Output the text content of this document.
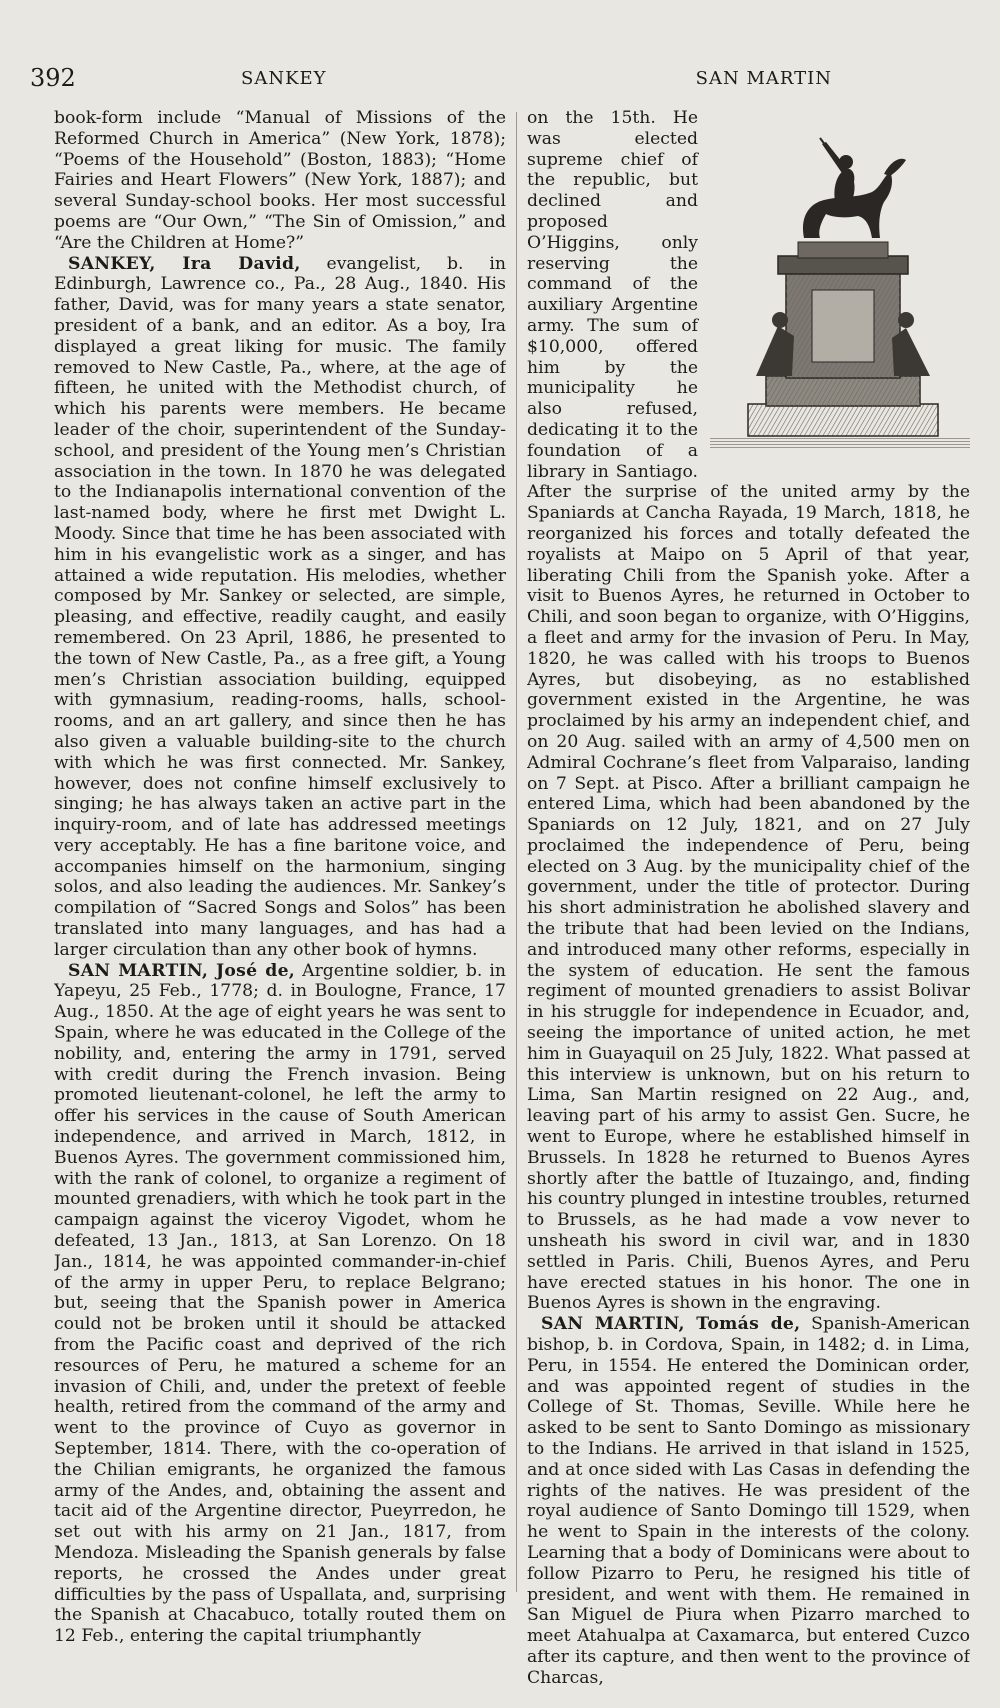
392	SANKEY	SAN MARTIN

book-form include “Manual of Missions of the Reformed Church in America” (New York, 1878); “Poems of the Household” (Boston, 1883); “Home Fairies and Heart Flowers” (New York, 1887); and several Sunday-school books. Her most successful poems are “Our Own,” “The Sin of Omission,” and “Are the Children at Home?”

SANKEY, Ira David, evangelist, b. in Edinburgh, Lawrence co., Pa., 28 Aug., 1840. His father, David, was for many years a state senator, president of a bank, and an editor. As a boy, Ira displayed a great liking for music. The family removed to New Castle, Pa., where, at the age of fifteen, he united with the Methodist church, of which his parents were members. He became leader of the choir, superintendent of the Sunday-school, and president of the Young men’s Christian association in the town. In 1870 he was delegated to the Indianapolis international convention of the last-named body, where he first met Dwight L. Moody. Since that time he has been associated with him in his evangelistic work as a singer, and has attained a wide reputation. His melodies, whether composed by Mr. Sankey or selected, are simple, pleasing, and effective, readily caught, and easily remembered. On 23 April, 1886, he presented to the town of New Castle, Pa., as a free gift, a Young men’s Christian association building, equipped with gymnasium, reading-rooms, halls, school-rooms, and an art gallery, and since then he has also given a valuable building-site to the church with which he was first connected. Mr. Sankey, however, does not confine himself exclusively to singing; he has always taken an active part in the inquiry-room, and of late has addressed meetings very acceptably. He has a fine baritone voice, and accompanies himself on the harmonium, singing solos, and also leading the audiences. Mr. Sankey’s compilation of “Sacred Songs and Solos” has been translated into many languages, and has had a larger circulation than any other book of hymns.

SAN MARTIN, José de, Argentine soldier, b. in Yapeyu, 25 Feb., 1778; d. in Boulogne, France, 17 Aug., 1850. At the age of eight years he was sent to Spain, where he was educated in the College of the nobility, and, entering the army in 1791, served with credit during the French invasion. Being promoted lieutenant-colonel, he left the army to offer his services in the cause of South American independence, and arrived in March, 1812, in Buenos Ayres. The government commissioned him, with the rank of colonel, to organize a regiment of mounted grenadiers, with which he took part in the campaign against the viceroy Vigodet, whom he defeated, 13 Jan., 1813, at San Lorenzo. On 18 Jan., 1814, he was appointed commander-in-chief of the army in upper Peru, to replace Belgrano; but, seeing that the Spanish power in America could not be broken until it should be attacked from the Pacific coast and deprived of the rich resources of Peru, he matured a scheme for an invasion of Chili, and, under the pretext of feeble health, retired from the command of the army and went to the province of Cuyo as governor in September, 1814. There, with the co-operation of the Chilian emigrants, he organized the famous army of the Andes, and, obtaining the assent and tacit aid of the Argentine director, Pueyrredon, he set out with his army on 21 Jan., 1817, from Mendoza. Misleading the Spanish generals by false reports, he crossed the Andes under great difficulties by the pass of Uspallata, and, surprising the Spanish at Chacabuco, totally routed them on 12 Feb., entering the capital triumphantly

on the 15th. He was elected supreme chief of the republic, but declined and proposed O’Higgins, only reserving the command of the auxiliary Argentine army. The sum of $10,000, offered him by the municipality he also refused, dedicating it to the foundation of a library in Santiago. After the surprise of the united army by the Spaniards at Cancha Rayada, 19 March, 1818, he reorganized his forces and totally defeated the royalists at Maipo on 5 April of that year, liberating Chili from the Spanish yoke. After a visit to Buenos Ayres, he returned in October to Chili, and soon began to organize, with O’Higgins, a fleet and army for the invasion of Peru. In May, 1820, he was called with his troops to Buenos Ayres, but disobeying, as no established government existed in the Argentine, he was proclaimed by his army an independent chief, and on 20 Aug. sailed with an army of 4,500 men on Admiral Cochrane’s fleet from Valparaiso, landing on 7 Sept. at Pisco. After a brilliant campaign he entered Lima, which had been abandoned by the Spaniards on 12 July, 1821, and on 27 July proclaimed the independence of Peru, being elected on 3 Aug. by the municipality chief of the government, under the title of protector. During his short administration he abolished slavery and the tribute that had been levied on the Indians, and introduced many other reforms, especially in the system of education. He sent the famous regiment of mounted grenadiers to assist Bolivar in his struggle for independence in Ecuador, and, seeing the importance of united action, he met him in Guayaquil on 25 July, 1822. What passed at this interview is unknown, but on his return to Lima, San Martin resigned on 22 Aug., and, leaving part of his army to assist Gen. Sucre, he went to Europe, where he established himself in Brussels. In 1828 he returned to Buenos Ayres shortly after the battle of Ituzaingo, and, finding his country plunged in intestine troubles, returned to Brussels, as he had made a vow never to unsheath his sword in civil war, and in 1830 settled in Paris. Chili, Buenos Ayres, and Peru have erected statues in his honor. The one in Buenos Ayres is shown in the engraving.

SAN MARTIN, Tomás de, Spanish-American bishop, b. in Cordova, Spain, in 1482; d. in Lima, Peru, in 1554. He entered the Dominican order, and was appointed regent of studies in the College of St. Thomas, Seville. While here he asked to be sent to Santo Domingo as missionary to the Indians. He arrived in that island in 1525, and at once sided with Las Casas in defending the rights of the natives. He was president of the royal audience of Santo Domingo till 1529, when he went to Spain in the interests of the colony. Learning that a body of Dominicans were about to follow Pizarro to Peru, he resigned his title of president, and went with them. He remained in San Miguel de Piura when Pizarro marched to meet Atahualpa at Caxamarca, but entered Cuzco after its capture, and then went to the province of Charcas,
